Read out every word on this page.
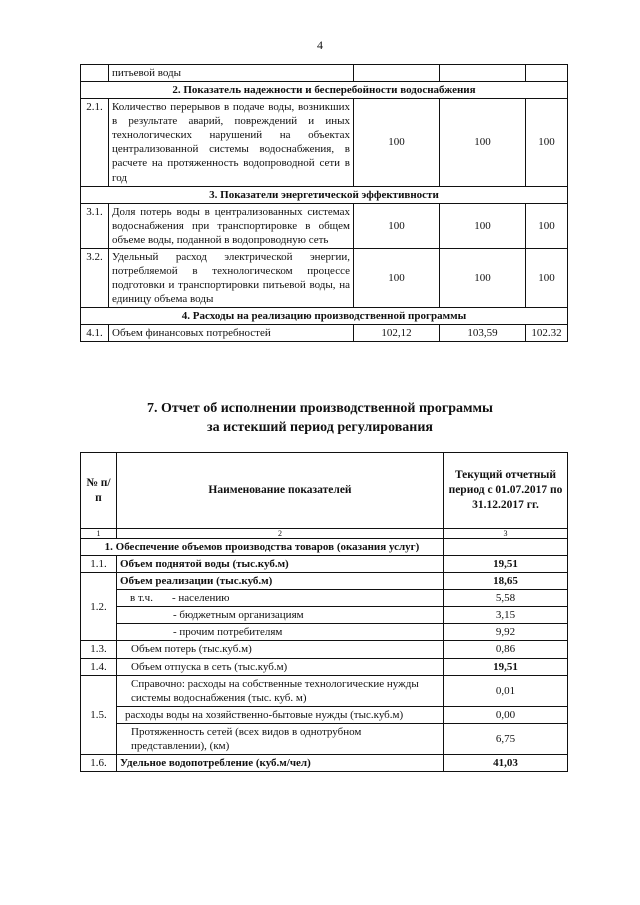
4
	питьевой воды			
2. Показатель надежности и бесперебойности водоснабжения				
2.1.	Количество перерывов в подаче воды, возникших в результате аварий, повреждений и иных технологических нарушений на объектах централизованной системы водоснабжения, в расчете на протяженность водопроводной сети в год	100	100	100
3. Показатели энергетической эффективности				
3.1.	Доля потерь воды в централизованных системах водоснабжения при транспортировке в общем объеме воды, поданной в водопроводную сеть	100	100	100
3.2.	Удельный расход электрической энергии, потребляемой в технологическом процессе подготовки и транспортировки питьевой воды, на единицу объема воды	100	100	100
4. Расходы на реализацию производственной программы				
4.1.	Объем финансовых потребностей	102,12	103,59	102.32
7. Отчет об исполнении производственной программы
за истекший период регулирования
№ п/п	Наименование показателей	Текущий отчетный период с 01.07.2017 по 31.12.2017 гг.
1	2	3
1. Обеспечение объемов производства товаров (оказания услуг)		
1.1.	Объем поднятой воды (тыс.куб.м)	19,51
1.2.	Объем реализации (тыс.куб.м)	18,65

	в т.ч. - населению	5,58
	- бюджетным организациям	3,15
	- прочим потребителям	9,92
1.3.	Объем потерь (тыс.куб.м)	0,86
1.4.	Объем отпуска в сеть (тыс.куб.м)	19,51
1.5.	Справочно: расходы на собственные технологические нужды системы водоснабжения (тыс. куб. м)	0,01
	расходы воды на хозяйственно-бытовые нужды (тыс.куб.м)	0,00
	Протяженность сетей (всех видов в однотрубном представлении), (км)	6,75
1.6.	Удельное водопотребление (куб.м/чел)	41,03
